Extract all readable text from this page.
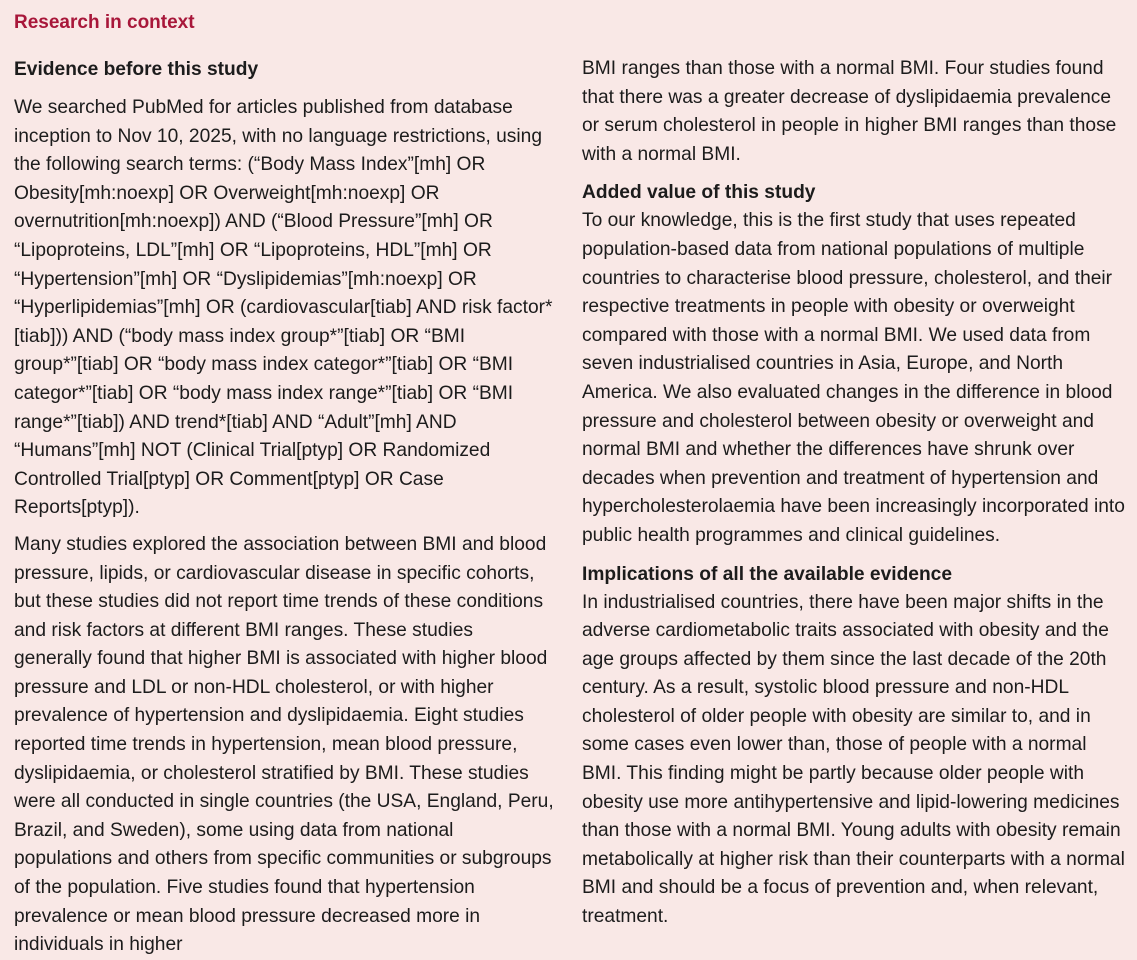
Research in context

Evidence before this study

We searched PubMed for articles published from database inception to Nov 10, 2025, with no language restrictions, using the following search terms: (“Body Mass Index”[mh] OR Obesity[mh:noexp] OR Overweight[mh:noexp] OR overnutrition[mh:noexp]) AND (“Blood Pressure”[mh] OR “Lipoproteins, LDL”[mh] OR “Lipoproteins, HDL”[mh] OR “Hypertension”[mh] OR “Dyslipidemias”[mh:noexp] OR “Hyperlipidemias”[mh] OR (cardiovascular[tiab] AND risk factor*[tiab])) AND (“body mass index group*”[tiab] OR “BMI group*”[tiab] OR “body mass index categor*”[tiab] OR “BMI categor*”[tiab] OR “body mass index range*”[tiab] OR “BMI range*”[tiab]) AND trend*[tiab] AND “Adult”[mh] AND “Humans”[mh] NOT (Clinical Trial[ptyp] OR Randomized Controlled Trial[ptyp] OR Comment[ptyp] OR Case Reports[ptyp]).

Many studies explored the association between BMI and blood pressure, lipids, or cardiovascular disease in specific cohorts, but these studies did not report time trends of these conditions and risk factors at different BMI ranges. These studies generally found that higher BMI is associated with higher blood pressure and LDL or non-HDL cholesterol, or with higher prevalence of hypertension and dyslipidaemia. Eight studies reported time trends in hypertension, mean blood pressure, dyslipidaemia, or cholesterol stratified by BMI. These studies were all conducted in single countries (the USA, England, Peru, Brazil, and Sweden), some using data from national populations and others from specific communities or subgroups of the population. Five studies found that hypertension prevalence or mean blood pressure decreased more in individuals in higher

BMI ranges than those with a normal BMI. Four studies found that there was a greater decrease of dyslipidaemia prevalence or serum cholesterol in people in higher BMI ranges than those with a normal BMI.

Added value of this study

To our knowledge, this is the first study that uses repeated population-based data from national populations of multiple countries to characterise blood pressure, cholesterol, and their respective treatments in people with obesity or overweight compared with those with a normal BMI. We used data from seven industrialised countries in Asia, Europe, and North America. We also evaluated changes in the difference in blood pressure and cholesterol between obesity or overweight and normal BMI and whether the differences have shrunk over decades when prevention and treatment of hypertension and hypercholesterolaemia have been increasingly incorporated into public health programmes and clinical guidelines.

Implications of all the available evidence

In industrialised countries, there have been major shifts in the adverse cardiometabolic traits associated with obesity and the age groups affected by them since the last decade of the 20th century. As a result, systolic blood pressure and non-HDL cholesterol of older people with obesity are similar to, and in some cases even lower than, those of people with a normal BMI. This finding might be partly because older people with obesity use more antihypertensive and lipid-lowering medicines than those with a normal BMI. Young adults with obesity remain metabolically at higher risk than their counterparts with a normal BMI and should be a focus of prevention and, when relevant, treatment.
